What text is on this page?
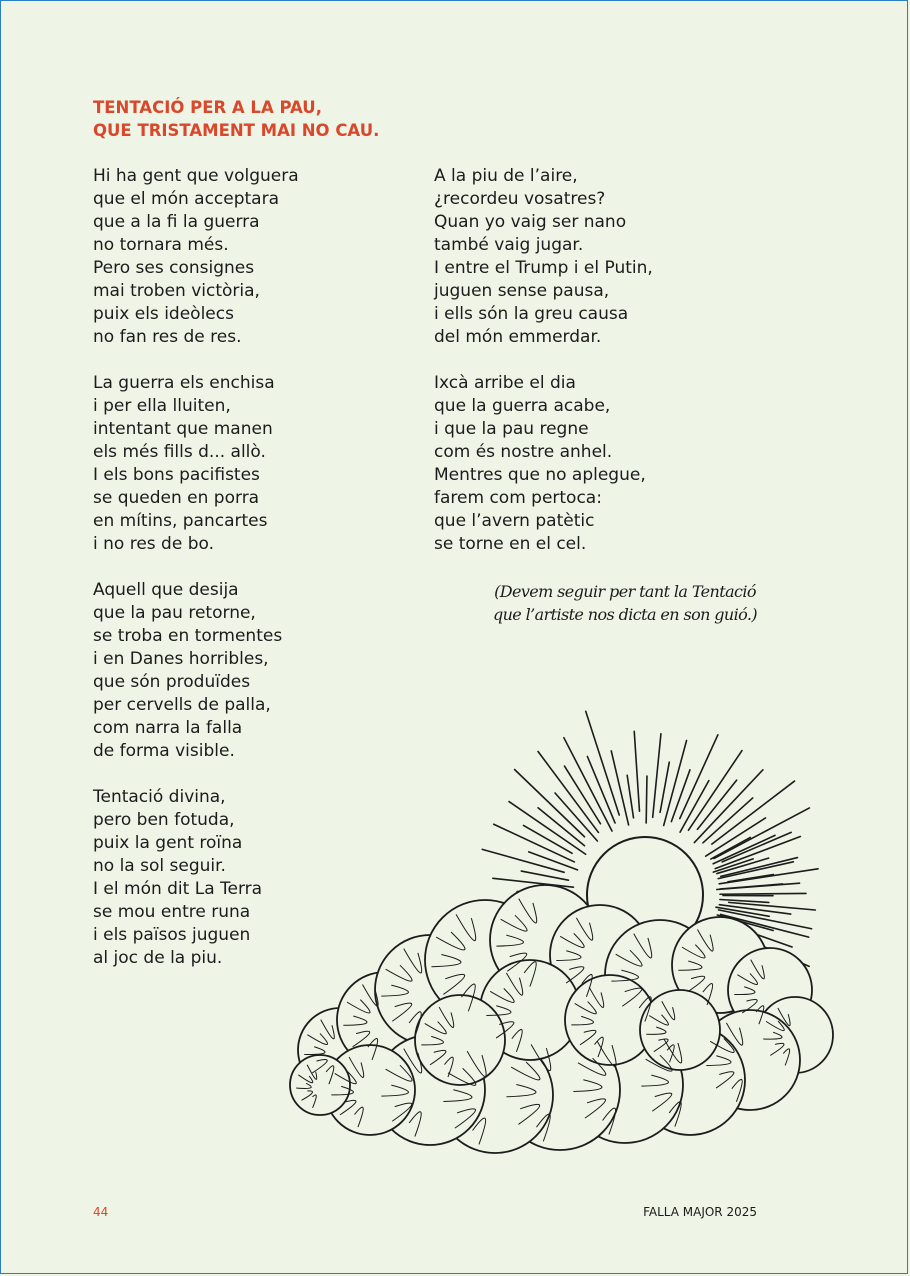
TENTACIÓ PER A LA PAU,
QUE TRISTAMENT MAI NO CAU.
Hi ha gent que volguera
que el món acceptara
que a la fi la guerra
no tornara més.
Pero ses consignes
mai troben victòria,
puix els ideòlecs
no fan res de res.
La guerra els enchisa
i per ella lluiten,
intentant que manen
els més fills d... allò.
I els bons pacifistes
se queden en porra
en mítins, pancartes
i no res de bo.
Aquell que desija
que la pau retorne,
se troba en tormentes
i en Danes horribles,
que són produïdes
per cervells de palla,
com narra la falla
de forma visible.
Tentació divina,
pero ben fotuda,
puix la gent roïna
no la sol seguir.
I el món dit La Terra
se mou entre runa
i els països juguen
al joc de la piu.
A la piu de l’aire,
¿recordeu vosatres?
Quan yo vaig ser nano
també vaig jugar.
I entre el Trump i el Putin,
juguen sense pausa,
i ells són la greu causa
del món emmerdar.
Ixcà arribe el dia
que la guerra acabe,
i que la pau regne
com és nostre anhel.
Mentres que no aplegue,
farem com pertoca:
que l’avern patètic
se torne en el cel.
(Devem seguir per tant la Tentació
que l’artiste nos dicta en son guió.)
44	FALLA MAJOR 2025
